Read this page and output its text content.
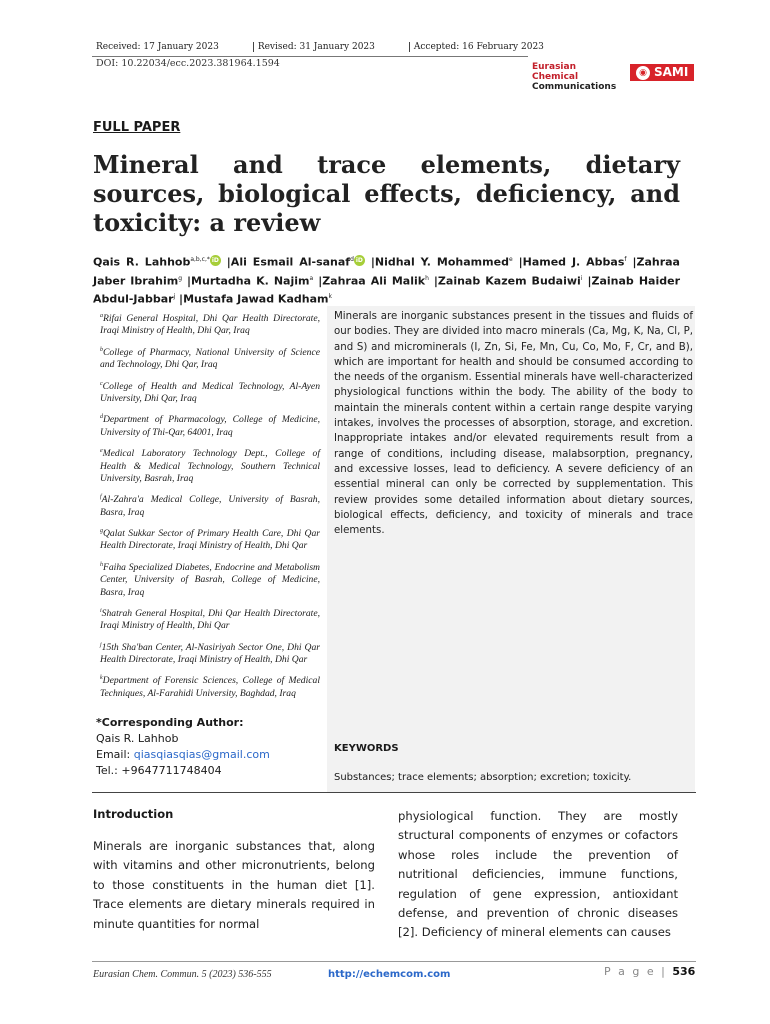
Received: 17 January 2023	Revised: 31 January 2023	Accepted: 16 February 2023
DOI: 10.22034/ecc.2023.381964.1594	Eurasian
Chemical
Communications
◉ SAMI
FULL PAPER
Mineral and trace elements, dietary sources, biological effects, deficiency, and toxicity: a review
Qais R. Lahhob$^{a,b,c,*}$ iD |Ali Esmail Al-sanaf$^d$ iD |Nidhal Y. Mohammed$^e$ |Hamed J. Abbas$^f$ |Zahraa Jaber Ibrahim$^g$ |Murtadha K. Najim$^a$ |Zahraa Ali Malik$^h$ |Zainab Kazem Budaiwi$^i$ |Zainab Haider Abdul-Jabbar$^j$ |Mustafa Jawad Kadham$^k$
$^a$Rifai General Hospital, Dhi Qar Health Directorate, Iraqi Ministry of Health, Dhi Qar, Iraq
$^b$College of Pharmacy, National University of Science and Technology, Dhi Qar, Iraq
$^c$College of Health and Medical Technology, Al-Ayen University, Dhi Qar, Iraq
$^d$Department of Pharmacology, College of Medicine, University of Thi-Qar, 64001, Iraq
$^e$Medical Laboratory Technology Dept., College of Health & Medical Technology, Southern Technical University, Basrah, Iraq
$^f$Al-Zahra'a Medical College, University of Basrah, Basra, Iraq
$^g$Qalat Sukkar Sector of Primary Health Care, Dhi Qar Health Directorate, Iraqi Ministry of Health, Dhi Qar
$^h$Faiha Specialized Diabetes, Endocrine and Metabolism Center, University of Basrah, College of Medicine, Basra, Iraq
$^i$Shatrah General Hospital, Dhi Qar Health Directorate, Iraqi Ministry of Health, Dhi Qar
$^j$15th Sha'ban Center, Al-Nasiriyah Sector One, Dhi Qar Health Directorate, Iraqi Ministry of Health, Dhi Qar
$^k$Department of Forensic Sciences, College of Medical Techniques, Al-Farahidi University, Baghdad, Iraq
Minerals are inorganic substances present in the tissues and fluids of our bodies. They are divided into macro minerals (Ca, Mg, K, Na, Cl, P, and S) and microminerals (I, Zn, Si, Fe, Mn, Cu, Co, Mo, F, Cr, and B), which are important for health and should be consumed according to the needs of the organism. Essential minerals have well-characterized physiological functions within the body. The ability of the body to maintain the minerals content within a certain range despite varying intakes, involves the processes of absorption, storage, and excretion. Inappropriate intakes and/or elevated requirements result from a range of conditions, including disease, malabsorption, pregnancy, and excessive losses, lead to deficiency. A severe deficiency of an essential mineral can only be corrected by supplementation. This review provides some detailed information about dietary sources, biological effects, deficiency, and toxicity of minerals and trace elements.
*Corresponding Author:
Qais R. Lahhob
Email: qiasqiasqias@gmail.com
Tel.: +9647711748404
KEYWORDS
Substances; trace elements; absorption; excretion; toxicity.
Introduction
Minerals are inorganic substances that, along with vitamins and other micronutrients, belong to those constituents in the human diet [1]. Trace elements are dietary minerals required in minute quantities for normal
physiological function. They are mostly structural components of enzymes or cofactors whose roles include the prevention of nutritional deficiencies, immune functions, regulation of gene expression, antioxidant defense, and prevention of chronic diseases [2]. Deficiency of mineral elements can causes
Eurasian Chem. Commun. 5 (2023) 536-555	http://echemcom.com	P a g e | 536
